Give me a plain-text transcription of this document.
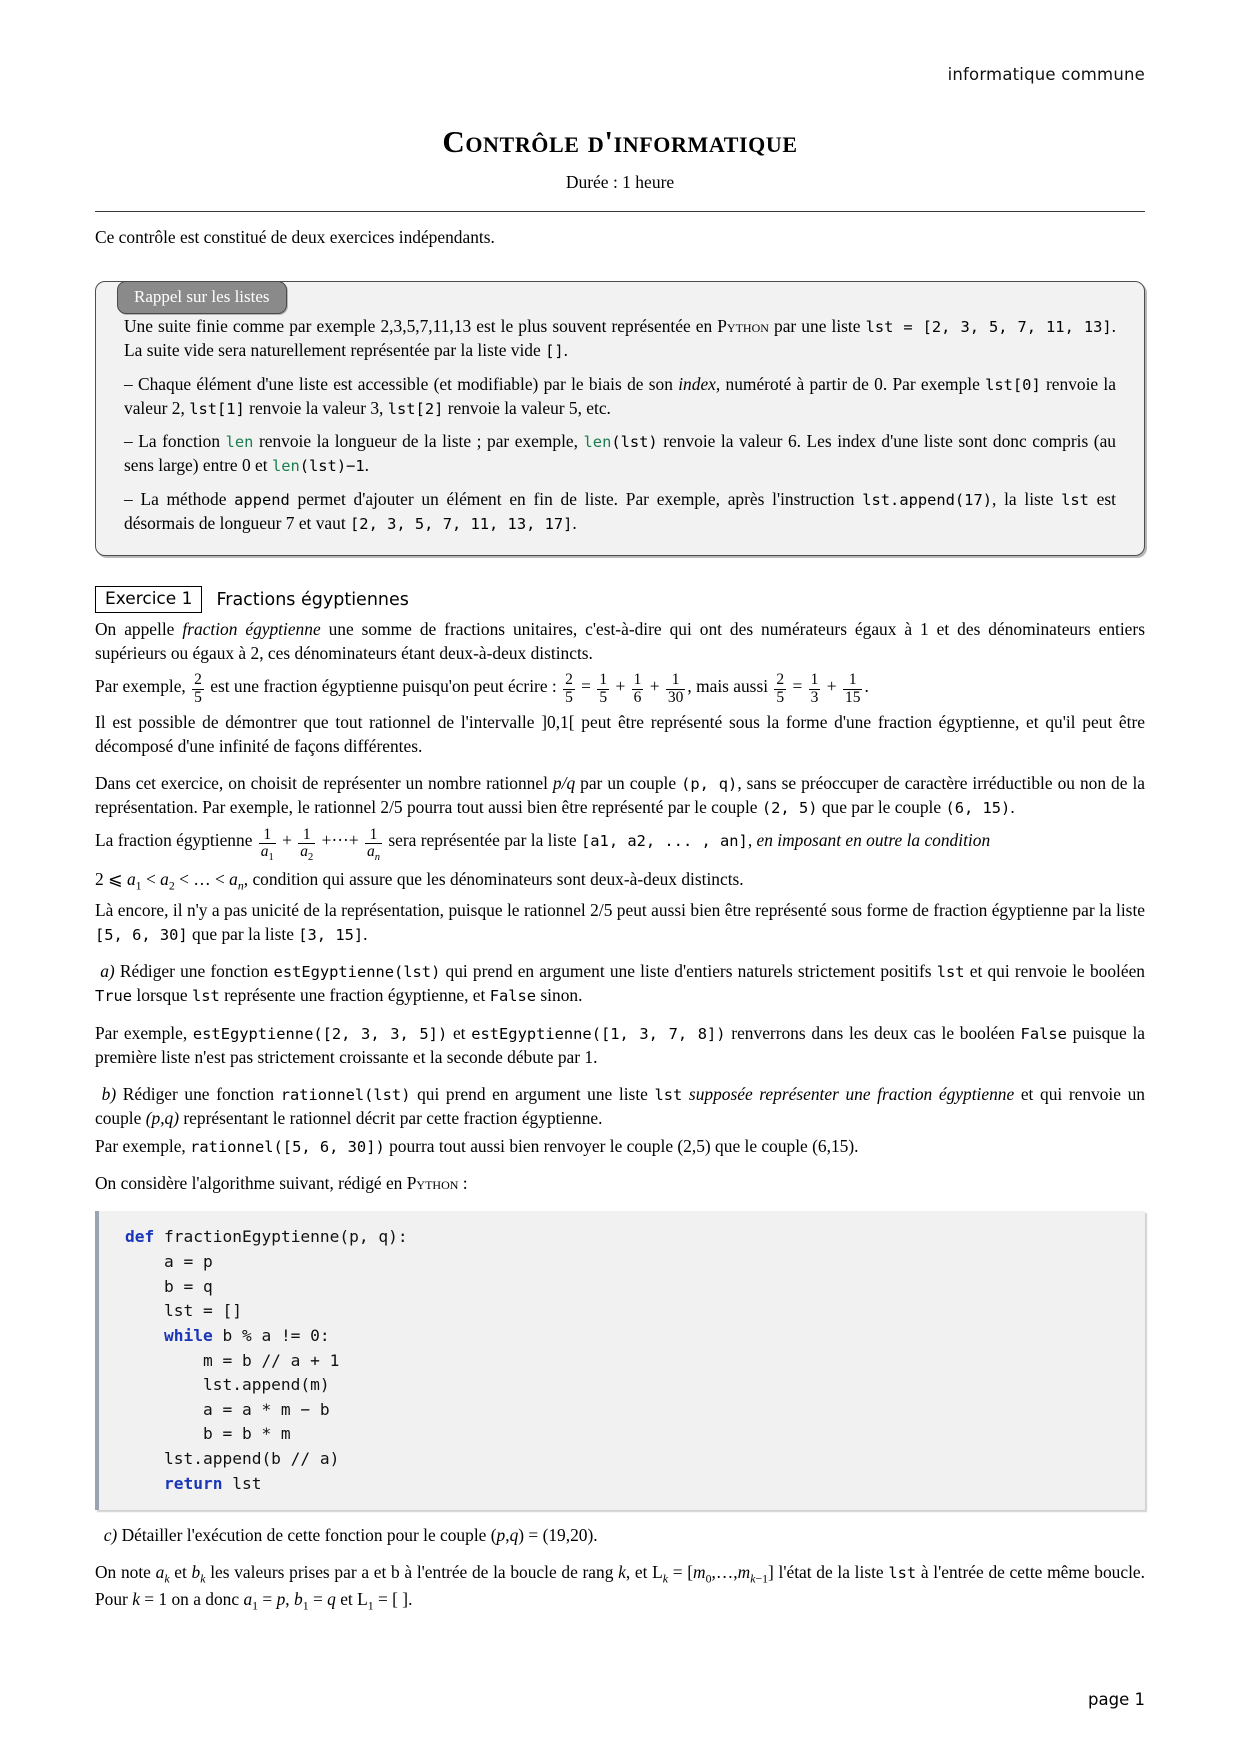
informatique commune
Contrôle d'informatique
Durée : 1 heure

Ce contrôle est constitué de deux exercices indépendants.

Rappel sur les listes

Une suite finie comme par exemple 2,3,5,7,11,13 est le plus souvent représentée en Python par une liste lst = [2, 3, 5, 7, 11, 13]. La suite vide sera naturellement représentée par la liste vide [].

– Chaque élément d'une liste est accessible (et modifiable) par le biais de son index, numéroté à partir de 0. Par exemple lst[0] renvoie la valeur 2, lst[1] renvoie la valeur 3, lst[2] renvoie la valeur 5, etc.

– La fonction len renvoie la longueur de la liste ; par exemple, len(lst) renvoie la valeur 6. Les index d'une liste sont donc compris (au sens large) entre 0 et len(lst)−1.

– La méthode append permet d'ajouter un élément en fin de liste. Par exemple, après l'instruction lst.append(17), la liste lst est désormais de longueur 7 et vaut [2, 3, 5, 7, 11, 13, 17].

Exercice 1	Fractions égyptiennes

On appelle fraction égyptienne une somme de fractions unitaires, c'est-à-dire qui ont des numérateurs égaux à 1 et des dénominateurs entiers supérieurs ou égaux à 2, ces dénominateurs étant deux-à-deux distincts.

Par exemple, $\frac{2}{5}$ est une fraction égyptienne puisqu'on peut écrire : $\frac{2}{5} = \frac{1}{5} + \frac{1}{6} + \frac{1}{30}$ , mais aussi $\frac{2}{5} = \frac{1}{3} + \frac{1}{15}$ .

Il est possible de démontrer que tout rationnel de l'intervalle ]0,1[ peut être représenté sous la forme d'une fraction égyptienne, et qu'il peut être décomposé d'une infinité de façons différentes.

Dans cet exercice, on choisit de représenter un nombre rationnel p/q par un couple (p, q), sans se préoccuper de caractère irréductible ou non de la représentation. Par exemple, le rationnel 2/5 pourra tout aussi bien être représenté par le couple (2, 5) que par le couple (6, 15).

La fraction égyptienne $\frac{1}{a_1} + \frac{1}{a_2}$ +···+ $\frac{1}{a_n}$ sera représentée par la liste [a1, a2, ... , an], en imposant en outre la condition

2 ⩽ $a_1 < a_2$ < … < $a_n$, condition qui assure que les dénominateurs sont deux-à-deux distincts.

Là encore, il n'y a pas unicité de la représentation, puisque le rationnel 2/5 peut aussi bien être représenté sous forme de fraction égyptienne par la liste [5, 6, 30] que par la liste [3, 15].

a) Rédiger une fonction estEgyptienne(lst) qui prend en argument une liste d'entiers naturels strictement positifs lst et qui renvoie le booléen True lorsque lst représente une fraction égyptienne, et False sinon.

Par exemple, estEgyptienne([2, 3, 3, 5]) et estEgyptienne([1, 3, 7, 8]) renverrons dans les deux cas le booléen False puisque la première liste n'est pas strictement croissante et la seconde débute par 1.

b) Rédiger une fonction rationnel(lst) qui prend en argument une liste lst supposée représenter une fraction égyptienne et qui renvoie un couple (p,q) représentant le rationnel décrit par cette fraction égyptienne.

Par exemple, rationnel([5, 6, 30]) pourra tout aussi bien renvoyer le couple (2,5) que le couple (6,15).

On considère l'algorithme suivant, rédigé en Python :

def fractionEgyptienne(p, q):
a = p
b = q
lst = []
while b % a != 0:
m = b // a + 1
lst.append(m)
a = a * m − b
b = b * m
lst.append(b // a)
return lst

c) Détailler l'exécution de cette fonction pour le couple (p,q) = (19,20).

On note $a_k$ et $b_k$ les valeurs prises par a et b à l'entrée de la boucle de rang k, et $L_k$ = $[m_0,\dots,m_{k-1}]$ l'état de la liste lst à l'entrée de cette même boucle. Pour k = 1 on a donc $a_1 = p$, $b_1 = q$ et $L_1$ = [ ].

page 1
